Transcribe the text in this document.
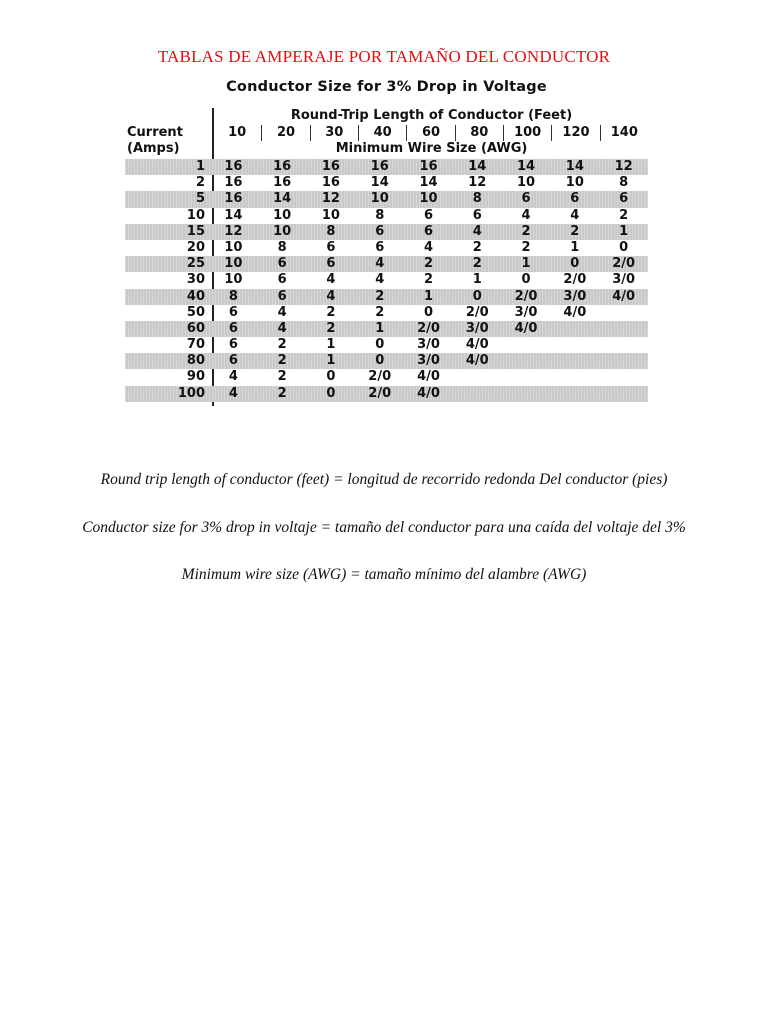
TABLAS DE AMPERAJE POR TAMAÑO DEL CONDUCTOR
Conductor Size for 3% Drop in Voltage
Round-Trip Length of Conductor (Feet)
Current	10	20	30	40	60	80	100	120	140
(Amps)	Minimum Wire Size (AWG)
1	16	16	16	16	16	14	14	14	12
2	16	16	16	14	14	12	10	10	8
5	16	14	12	10	10	8	6	6	6
10	14	10	10	8	6	6	4	4	2
15	12	10	8	6	6	4	2	2	1
20	10	8	6	6	4	2	2	1	0
25	10	6	6	4	2	2	1	0	2/0
30	10	6	4	4	2	1	0	2/0	3/0
40	8	6	4	2	1	0	2/0	3/0	4/0
50	6	4	2	2	0	2/0	3/0	4/0
60	6	4	2	1	2/0	3/0	4/0
70	6	2	1	0	3/0	4/0
80	6	2	1	0	3/0	4/0
90	4	2	0	2/0	4/0
100	4	2	0	2/0	4/0
Round trip length of conductor (feet) = longitud de recorrido redonda Del conductor (pies)
Conductor size for 3% drop in voltaje = tamaño del conductor para una caída del voltaje del 3%
Minimum wire size (AWG) = tamaño mínimo del alambre (AWG)
